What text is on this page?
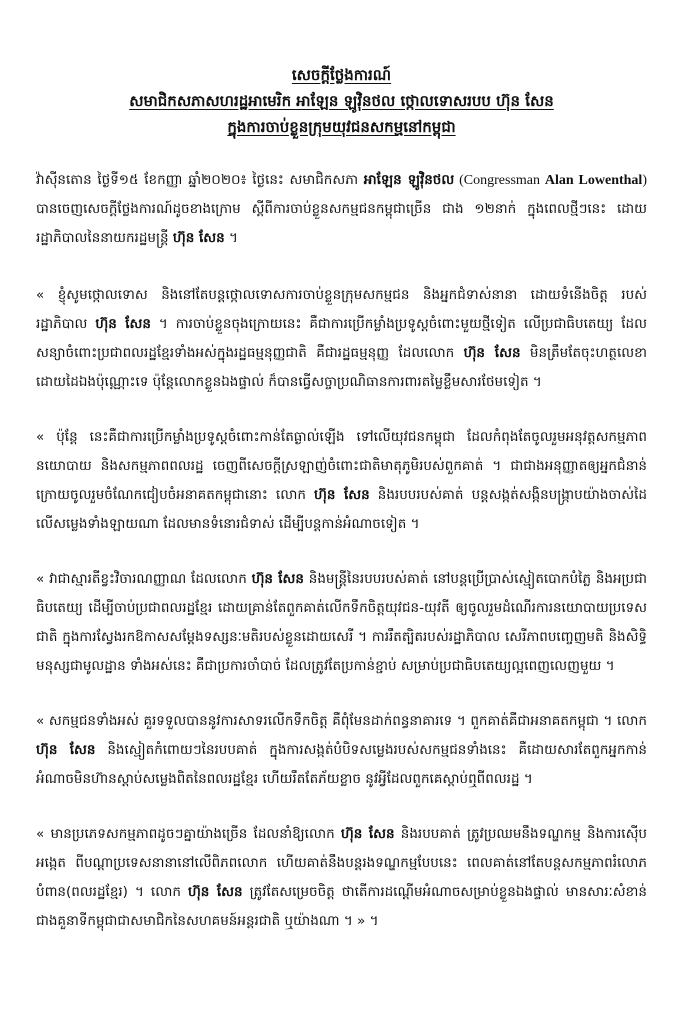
សេចក្ដីថ្លែងការណ៍
សមាជិកសភាសហរដ្ឋអាមេរិក អាឡែន ឡូវ៉ិនថល ថ្កោលទោសរបប ហ៊ុន សែន
ក្នុងការចាប់ខ្លួនក្រុមយុវជនសកម្មនៅកម្ពុជា

វ៉ាស៊ីនតោន ថ្ងៃទី១៥ ខែកញ្ញា ឆ្នាំ២០២០៖ ថ្ងៃនេះ សមាជិកសភា អាឡែន ឡូវ៉ិនថល (Congressman Alan Lowenthal) បានចេញសេចក្ដីថ្លែងការណ៍ដូចខាងក្រោម ស្ដីពីការចាប់ខ្លួនសកម្មជនកម្ពុជាច្រើន ជាង ១២នាក់ ក្នុងពេលថ្មីៗនេះ ដោយរដ្ឋាភិបាលនៃនាយករដ្ឋមន្ត្រី ហ៊ុន សែន ។

« ខ្ញុំសូមថ្កោលទោស និងនៅតែបន្តថ្កោលទោសការចាប់ខ្លួនក្រុមសកម្មជន និងអ្នកជំទាស់នានា ដោយទំនើងចិត្ត របស់រដ្ឋាភិបាល ហ៊ុន សែន ។ ការចាប់ខ្លួនចុងក្រោយនេះ គឺជាការប្រើកម្លាំងប្រទូស្តចំពោះមួយថ្មីទៀត លើប្រជាធិបតេយ្យ ដែលសន្យាចំពោះប្រជាពលរដ្ឋខ្មែរទាំងអស់ក្នុងរដ្ឋធម្មនុញ្ញជាតិ គឺជារដ្ឋធម្មនុញ្ញ ដែលលោក ហ៊ុន សែន មិនត្រឹមតែចុះហត្ថលេខាដោយដៃឯងប៉ុណ្ណោះទេ ប៉ុន្តែលោកខ្លួនឯងផ្ទាល់ ក៏បានធ្វើសច្ចាប្រណិធានការពារតម្លៃខ្លឹមសារថែមទៀត ។

« ប៉ុន្តែ នេះគឺជាការប្រើកម្លាំងប្រទូស្តចំពោះកាន់តែធ្ងាល់ឡើង ទៅលើយុវជនកម្ពុជា ដែលកំពុងតែចូលរួមអនុវត្តសកម្មភាពនយោបាយ និងសកម្មភាពពលរដ្ឋ ចេញពីសេចក្ដីស្រឡាញ់ចំពោះជាតិមាតុភូមិរបស់ពួកគាត់ ។ ជាជាងអនុញ្ញាតឲ្យអ្នកជំនាន់ក្រោយចូលរួមចំណែកជៀបចំអនាគតកម្ពុជានោះ លោក ហ៊ុន សែន និងរបបរបស់គាត់ បន្តសង្កត់សង្កិនបង្ក្រាបយ៉ាងចាស់ដៃ លើសម្លេងទាំងឡាយណា ដែលមានទំនោរជំទាស់ ដើម្បីបន្តកាន់អំណាចទៀត ។

« វាជាស្មារតីខ្វះវិចារណញ្ញាណ ដែលលោក ហ៊ុន សែន និងមន្ត្រីនៃរបបរបស់គាត់ នៅបន្តប្រើប្រាស់ស្មៀតបោកបំភ្លៃ និងអប្រជាធិបតេយ្យ ដើម្បីចាប់ប្រជាពលរដ្ឋខ្មែរ ដោយគ្រាន់តែពួកគាត់លើកទឹកចិត្តយុវជន-យុវតី ឲ្យចូលរួមដំណើរការនយោបាយប្រទេសជាតិ ក្នុងការស្វែងរកឱកាសសម្ដែងទស្សនៈមតិរបស់ខ្លួនដោយសេរី ។ ការរឹតត្បិតរបស់រដ្ឋាភិបាល សេរីភាពបញ្ចេញមតិ និងសិទ្ធិមនុស្សជាមូលដ្ឋាន ទាំងអស់នេះ គឺជាប្រការចាំបាច់ ដែលត្រូវតែប្រកាន់ខ្ជាប់ សម្រាប់ប្រជាធិបតេយ្យល្អពេញលេញមួយ ។

« សកម្មជនទាំងអស់ គួរទទួលបាននូវការសាទរលើកទឹកចិត្ត គឺពុំមែនដាក់ពន្ធនាគារទេ ។ ពួកគាត់គឺជាអនាគតកម្ពុជា ។ លោក ហ៊ុន សែន និងស្មៀតកំពោយៗនៃរបបគាត់ ក្នុងការសង្កត់បំបិទសម្លេងរបស់សកម្មជនទាំងនេះ គឺដោយសារតែពួកអ្នកកាន់អំណាចមិនហ៊ានស្ដាប់សម្លេងពិតនៃពលរដ្ឋខ្មែរ ហើយរឹតតែភ័យខ្លាច នូវអ្វីដែលពួកគេស្ដាប់ឮពីពលរដ្ឋ ។

« មានប្រភេទសកម្មភាពដូចៗគ្នាយ៉ាងច្រើន ដែលនាំឱ្យលោក ហ៊ុន សែន និងរបបគាត់ ត្រូវប្រឈមនឹងទណ្ឌកម្ម និងការស៊ើបអង្កេត ពីបណ្ដាប្រទេសនានានៅលើពិភពលោក ហើយគាត់នឹងបន្តរងទណ្ឌកម្មបែបនេះ ពេលគាត់នៅតែបន្តសកម្មភាពរំលោភបំពាន(ពលរដ្ឋខ្មែរ) ។ លោក ហ៊ុន សែន ត្រូវតែសម្រេចចិត្ត ថាតើការដណ្ដើមអំណាចសម្រាប់ខ្លួនឯងផ្ទាល់ មានសារៈសំខាន់ជាងគួនាទីកម្ពុជាជាសមាជិកនៃសហគមន៍អន្តរជាតិ ឬយ៉ាងណា ។ » ។
